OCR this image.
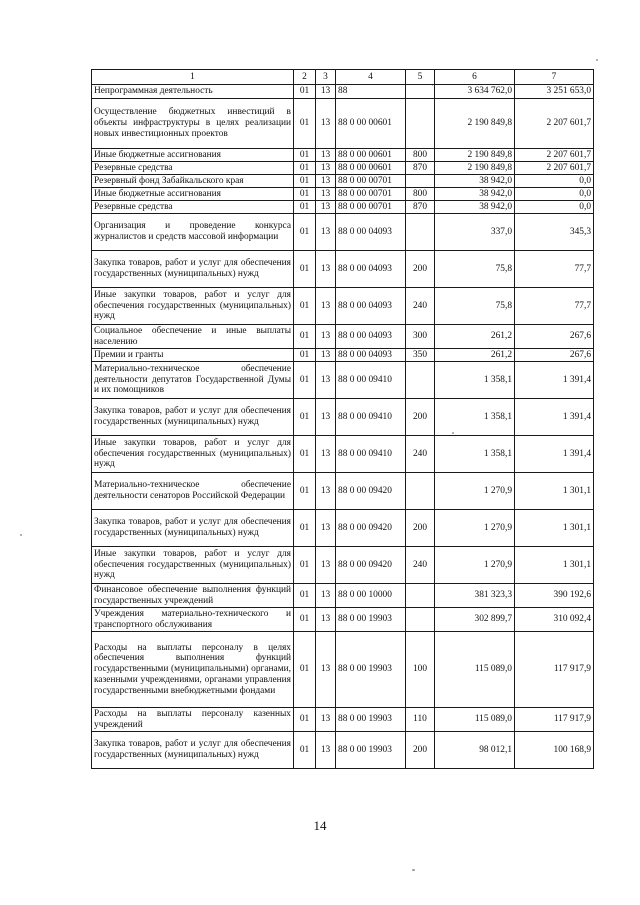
1	2	3	4	5	6	7
Непрограммная деятельность	01	13	88		3 634 762,0	3 251 653,0
Осуществление бюджетных инвестиций в объекты инфраструктуры в целях реализации новых инвестиционных проектов	01	13	88 0 00 00601		2 190 849,8	2 207 601,7
Иные бюджетные ассигнования	01	13	88 0 00 00601	800	2 190 849,8	2 207 601,7
Резервные средства	01	13	88 0 00 00601	870	2 190 849,8	2 207 601,7
Резервный фонд Забайкальского края	01	13	88 0 00 00701		38 942,0	0,0
Иные бюджетные ассигнования	01	13	88 0 00 00701	800	38 942,0	0,0
Резервные средства	01	13	88 0 00 00701	870	38 942,0	0,0
Организация и проведение конкурса журналистов и средств массовой информации	01	13	88 0 00 04093		337,0	345,3
Закупка товаров, работ и услуг для обеспечения государственных (муниципальных) нужд	01	13	88 0 00 04093	200	75,8	77,7
Иные закупки товаров, работ и услуг для обеспечения государственных (муниципальных) нужд	01	13	88 0 00 04093	240	75,8	77,7
Социальное обеспечение и иные выплаты населению	01	13	88 0 00 04093	300	261,2	267,6
Премии и гранты	01	13	88 0 00 04093	350	261,2	267,6
Материально-техническое обеспечение деятельности депутатов Государственной Думы и их помощников	01	13	88 0 00 09410		1 358,1	1 391,4
Закупка товаров, работ и услуг для обеспечения государственных (муниципальных) нужд	01	13	88 0 00 09410	200	1 358,1	1 391,4
Иные закупки товаров, работ и услуг для обеспечения государственных (муниципальных) нужд	01	13	88 0 00 09410	240	1 358,1	1 391,4
Материально-техническое обеспечение деятельности сенаторов Российской Федерации	01	13	88 0 00 09420		1 270,9	1 301,1
Закупка товаров, работ и услуг для обеспечения государственных (муниципальных) нужд	01	13	88 0 00 09420	200	1 270,9	1 301,1
Иные закупки товаров, работ и услуг для обеспечения государственных (муниципальных) нужд	01	13	88 0 00 09420	240	1 270,9	1 301,1
Финансовое обеспечение выполнения функций государственных учреждений	01	13	88 0 00 10000		381 323,3	390 192,6
Учреждения материально-технического и транспортного обслуживания	01	13	88 0 00 19903		302 899,7	310 092,4
Расходы на выплаты персоналу в целях обеспечения выполнения функций государственными (муниципальными) органами, казенными учреждениями, органами управления государственными внебюджетными фондами	01	13	88 0 00 19903	100	115 089,0	117 917,9
Расходы на выплаты персоналу казенных учреждений	01	13	88 0 00 19903	110	115 089,0	117 917,9
Закупка товаров, работ и услуг для обеспечения государственных (муниципальных) нужд	01	13	88 0 00 19903	200	98 012,1	100 168,9
14
